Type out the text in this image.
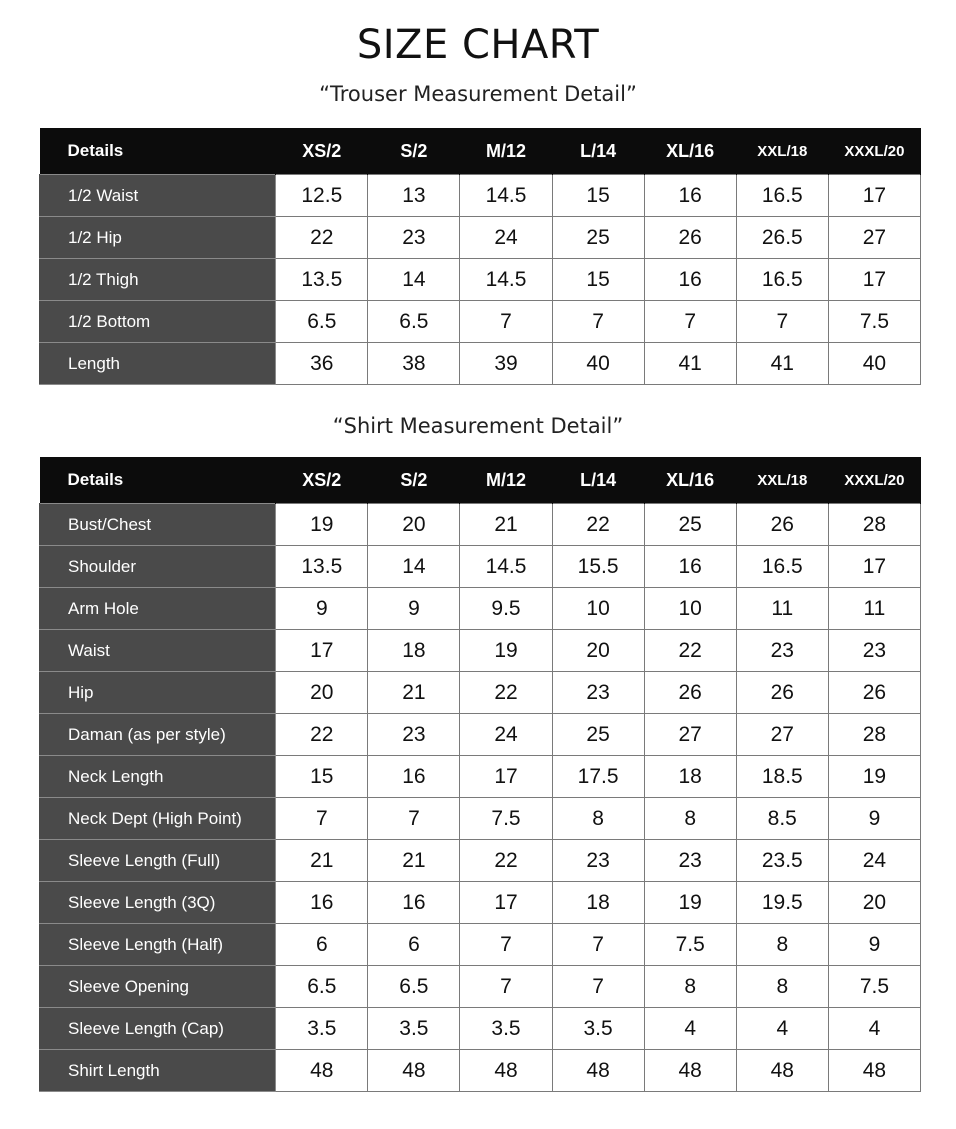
SIZE CHART
“Trouser Measurement Detail”
Details	XS/2	S/2	M/12	L/14	XL/16	XXL/18	XXXL/20
1/2 Waist	12.5	13	14.5	15	16	16.5	17
1/2 Hip	22	23	24	25	26	26.5	27
1/2 Thigh	13.5	14	14.5	15	16	16.5	17
1/2 Bottom	6.5	6.5	7	7	7	7	7.5
Length	36	38	39	40	41	41	40
“Shirt Measurement Detail”
Details	XS/2	S/2	M/12	L/14	XL/16	XXL/18	XXXL/20
Bust/Chest	19	20	21	22	25	26	28
Shoulder	13.5	14	14.5	15.5	16	16.5	17
Arm Hole	9	9	9.5	10	10	11	11
Waist	17	18	19	20	22	23	23
Hip	20	21	22	23	26	26	26
Daman (as per style)	22	23	24	25	27	27	28
Neck Length	15	16	17	17.5	18	18.5	19
Neck Dept (High Point)	7	7	7.5	8	8	8.5	9
Sleeve Length (Full)	21	21	22	23	23	23.5	24
Sleeve Length (3Q)	16	16	17	18	19	19.5	20
Sleeve Length (Half)	6	6	7	7	7.5	8	9
Sleeve Opening	6.5	6.5	7	7	8	8	7.5
Sleeve Length (Cap)	3.5	3.5	3.5	3.5	4	4	4
Shirt Length	48	48	48	48	48	48	48
